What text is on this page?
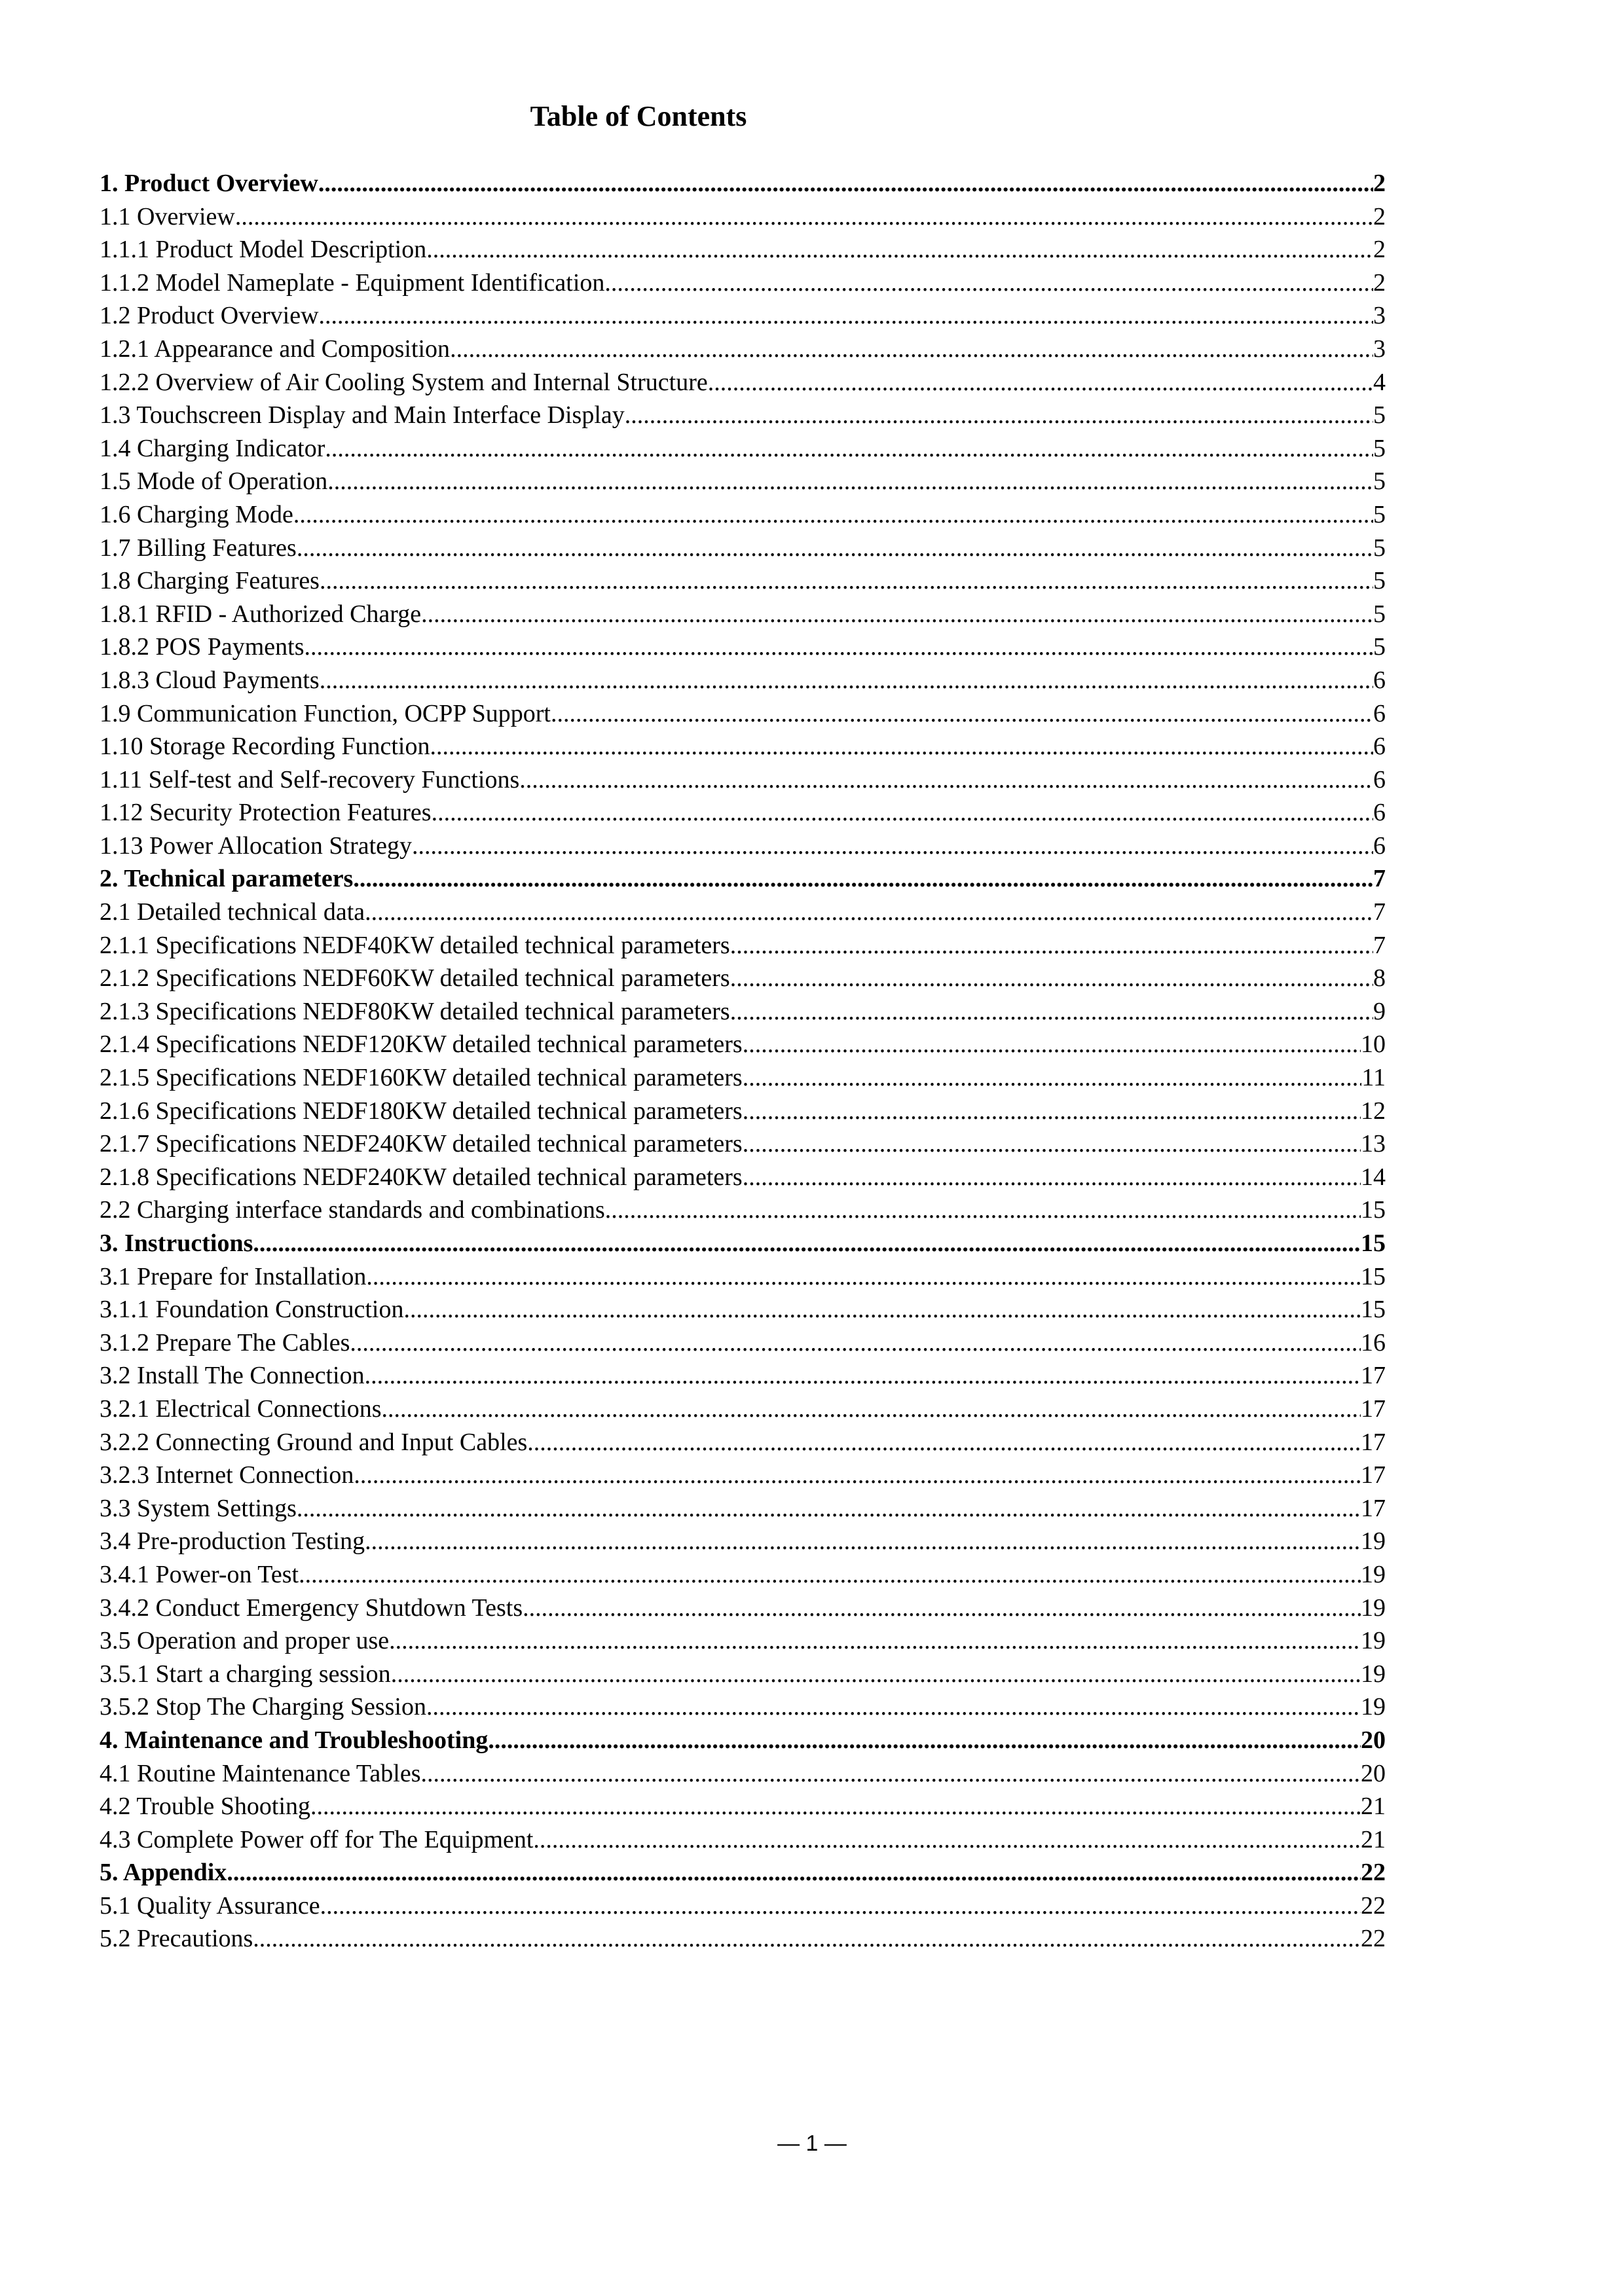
Table of Contents
1. Product Overview .....	2
1.1 Overview .....	2
1.1.1 Product Model Description .....	2
1.1.2 Model Nameplate - Equipment Identification .....	2
1.2 Product Overview .....	3
1.2.1 Appearance and Composition .....	3
1.2.2 Overview of Air Cooling System and Internal Structure .....	4
1.3 Touchscreen Display and Main Interface Display .....	5
1.4 Charging Indicator .....	5
1.5 Mode of Operation .....	5
1.6 Charging Mode .....	5
1.7 Billing Features .....	5
1.8 Charging Features .....	5
1.8.1 RFID - Authorized Charge .....	5
1.8.2 POS Payments .....	5
1.8.3 Cloud Payments .....	6
1.9 Communication Function, OCPP Support .....	6
1.10 Storage Recording Function .....	6
1.11 Self-test and Self-recovery Functions .....	6
1.12 Security Protection Features .....	6
1.13 Power Allocation Strategy .....	6
2. Technical parameters .....	7
2.1 Detailed technical data .....	7
2.1.1 Specifications NEDF40KW detailed technical parameters .....	7
2.1.2 Specifications NEDF60KW detailed technical parameters .....	8
2.1.3 Specifications NEDF80KW detailed technical parameters .....	9
2.1.4 Specifications NEDF120KW detailed technical parameters .....	10
2.1.5 Specifications NEDF160KW detailed technical parameters .....	11
2.1.6 Specifications NEDF180KW detailed technical parameters .....	12
2.1.7 Specifications NEDF240KW detailed technical parameters .....	13
2.1.8 Specifications NEDF240KW detailed technical parameters .....	14
2.2 Charging interface standards and combinations .....	15
3. Instructions .....	15
3.1 Prepare for Installation .....	15
3.1.1 Foundation Construction .....	15
3.1.2 Prepare The Cables .....	16
3.2 Install The Connection .....	17
3.2.1 Electrical Connections .....	17
3.2.2 Connecting Ground and Input Cables .....	17
3.2.3 Internet Connection .....	17
3.3 System Settings .....	17
3.4 Pre-production Testing .....	19
3.4.1 Power-on Test .....	19
3.4.2 Conduct Emergency Shutdown Tests. .....	19
3.5 Operation and proper use .....	19
3.5.1 Start a charging session .....	19
3.5.2 Stop The Charging Session .....	19
4. Maintenance and Troubleshooting .....	20
4.1 Routine Maintenance Tables .....	20
4.2 Trouble Shooting .....	21
4.3 Complete Power off for The Equipment .....	21
5. Appendix .....	22
5.1 Quality Assurance .....	22
5.2 Precautions .....	22
— 1 —
